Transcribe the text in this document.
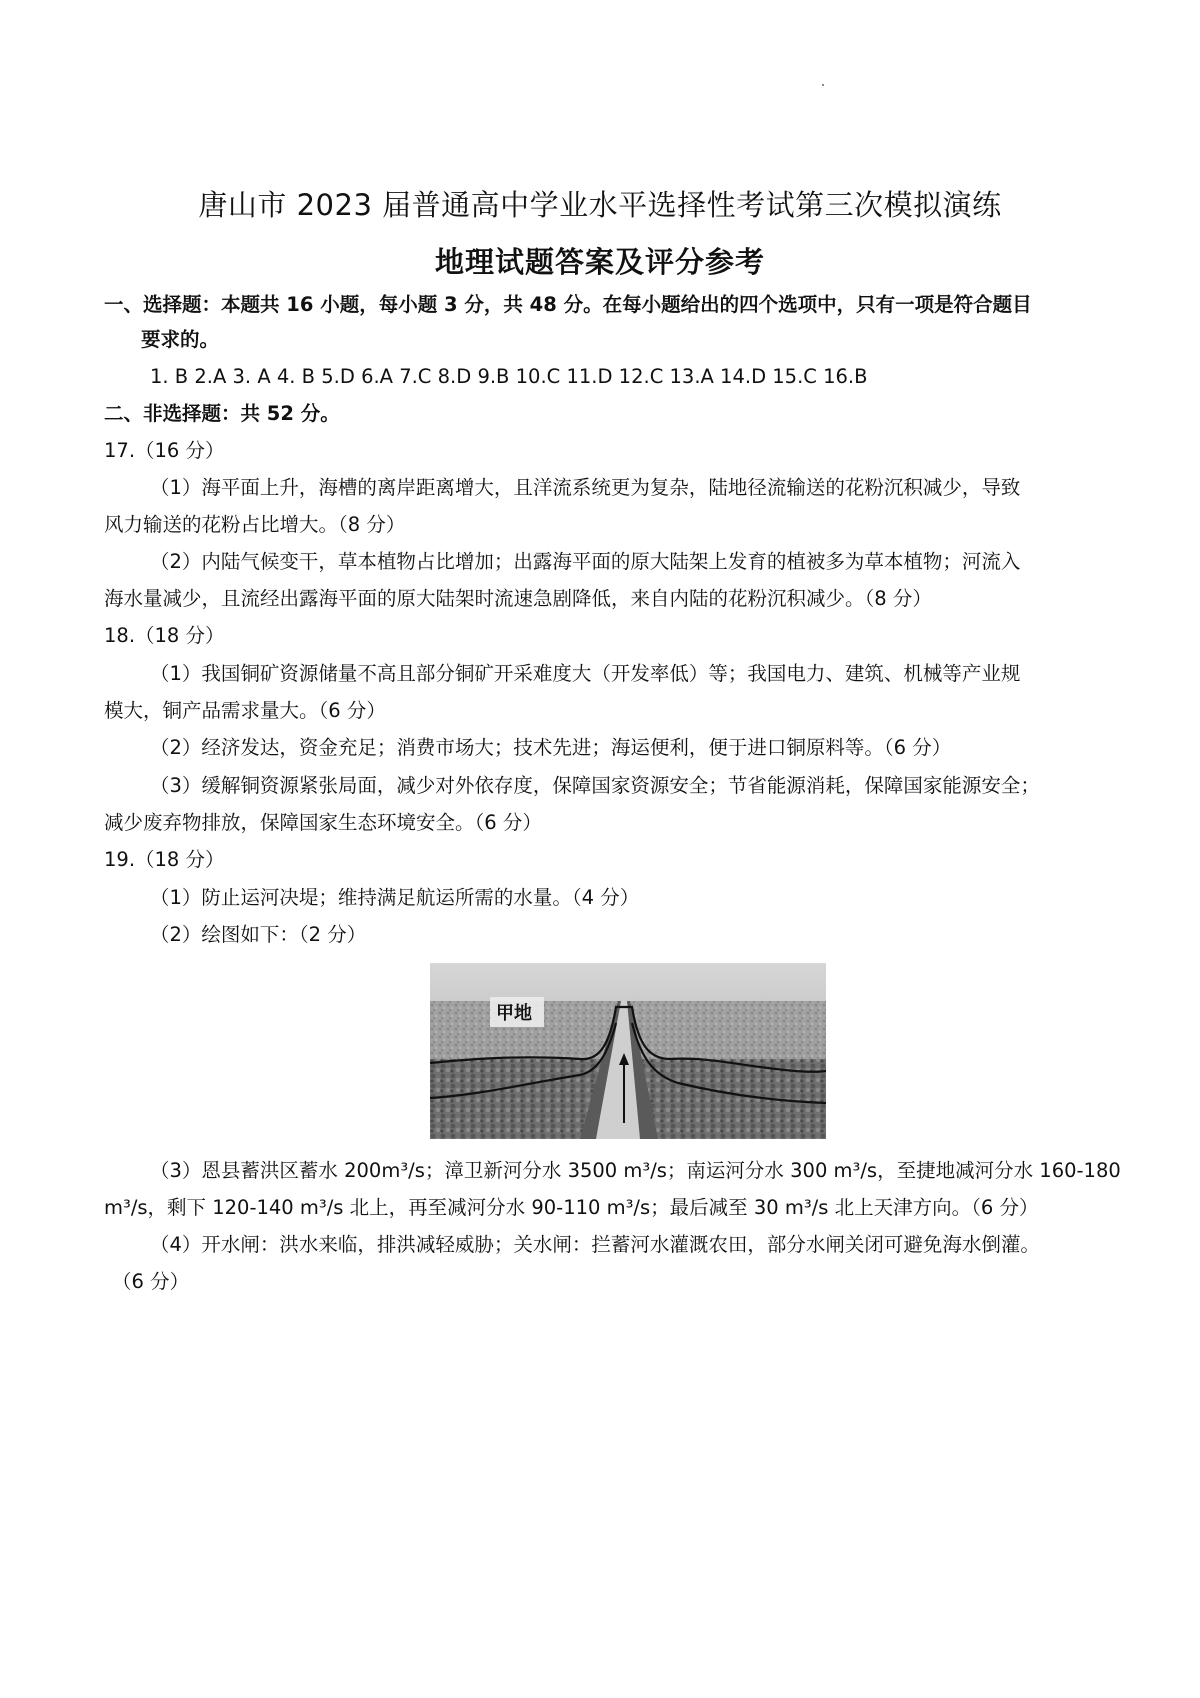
唐山市 2023 届普通高中学业水平选择性考试第三次模拟演练
地理试题答案及评分参考
一、选择题：本题共 16 小题，每小题 3 分，共 48 分。在每小题给出的四个选项中，只有一项是符合题目
要求的。
1. B 2.A 3. A 4. B 5.D 6.A 7.C 8.D 9.B 10.C 11.D 12.C 13.A 14.D 15.C 16.B
二、非选择题：共 52 分。
17.（16 分）
（1）海平面上升，海槽的离岸距离增大，且洋流系统更为复杂，陆地径流输送的花粉沉积减少，导致
风力输送的花粉占比增大。（8 分）
（2）内陆气候变干，草本植物占比增加；出露海平面的原大陆架上发育的植被多为草本植物；河流入
海水量减少，且流经出露海平面的原大陆架时流速急剧降低，来自内陆的花粉沉积减少。（8 分）
18.（18 分）
（1）我国铜矿资源储量不高且部分铜矿开采难度大（开发率低）等；我国电力、建筑、机械等产业规
模大，铜产品需求量大。（6 分）
（2）经济发达，资金充足；消费市场大；技术先进；海运便利，便于进口铜原料等。（6 分）
（3）缓解铜资源紧张局面，减少对外依存度，保障国家资源安全；节省能源消耗，保障国家能源安全；
减少废弃物排放，保障国家生态环境安全。（6 分）
19.（18 分）
（1）防止运河决堤；维持满足航运所需的水量。（4 分）
（2）绘图如下：（2 分）
甲地
（3）恩县蓄洪区蓄水 200m³/s；漳卫新河分水 3500 m³/s；南运河分水 300 m³/s，至捷地减河分水 160-180
m³/s，剩下 120-140 m³/s 北上，再至减河分水 90-110 m³/s；最后减至 30 m³/s 北上天津方向。（6 分）
（4）开水闸：洪水来临，排洪减轻威胁；关水闸：拦蓄河水灌溉农田，部分水闸关闭可避免海水倒灌。
（6 分）
